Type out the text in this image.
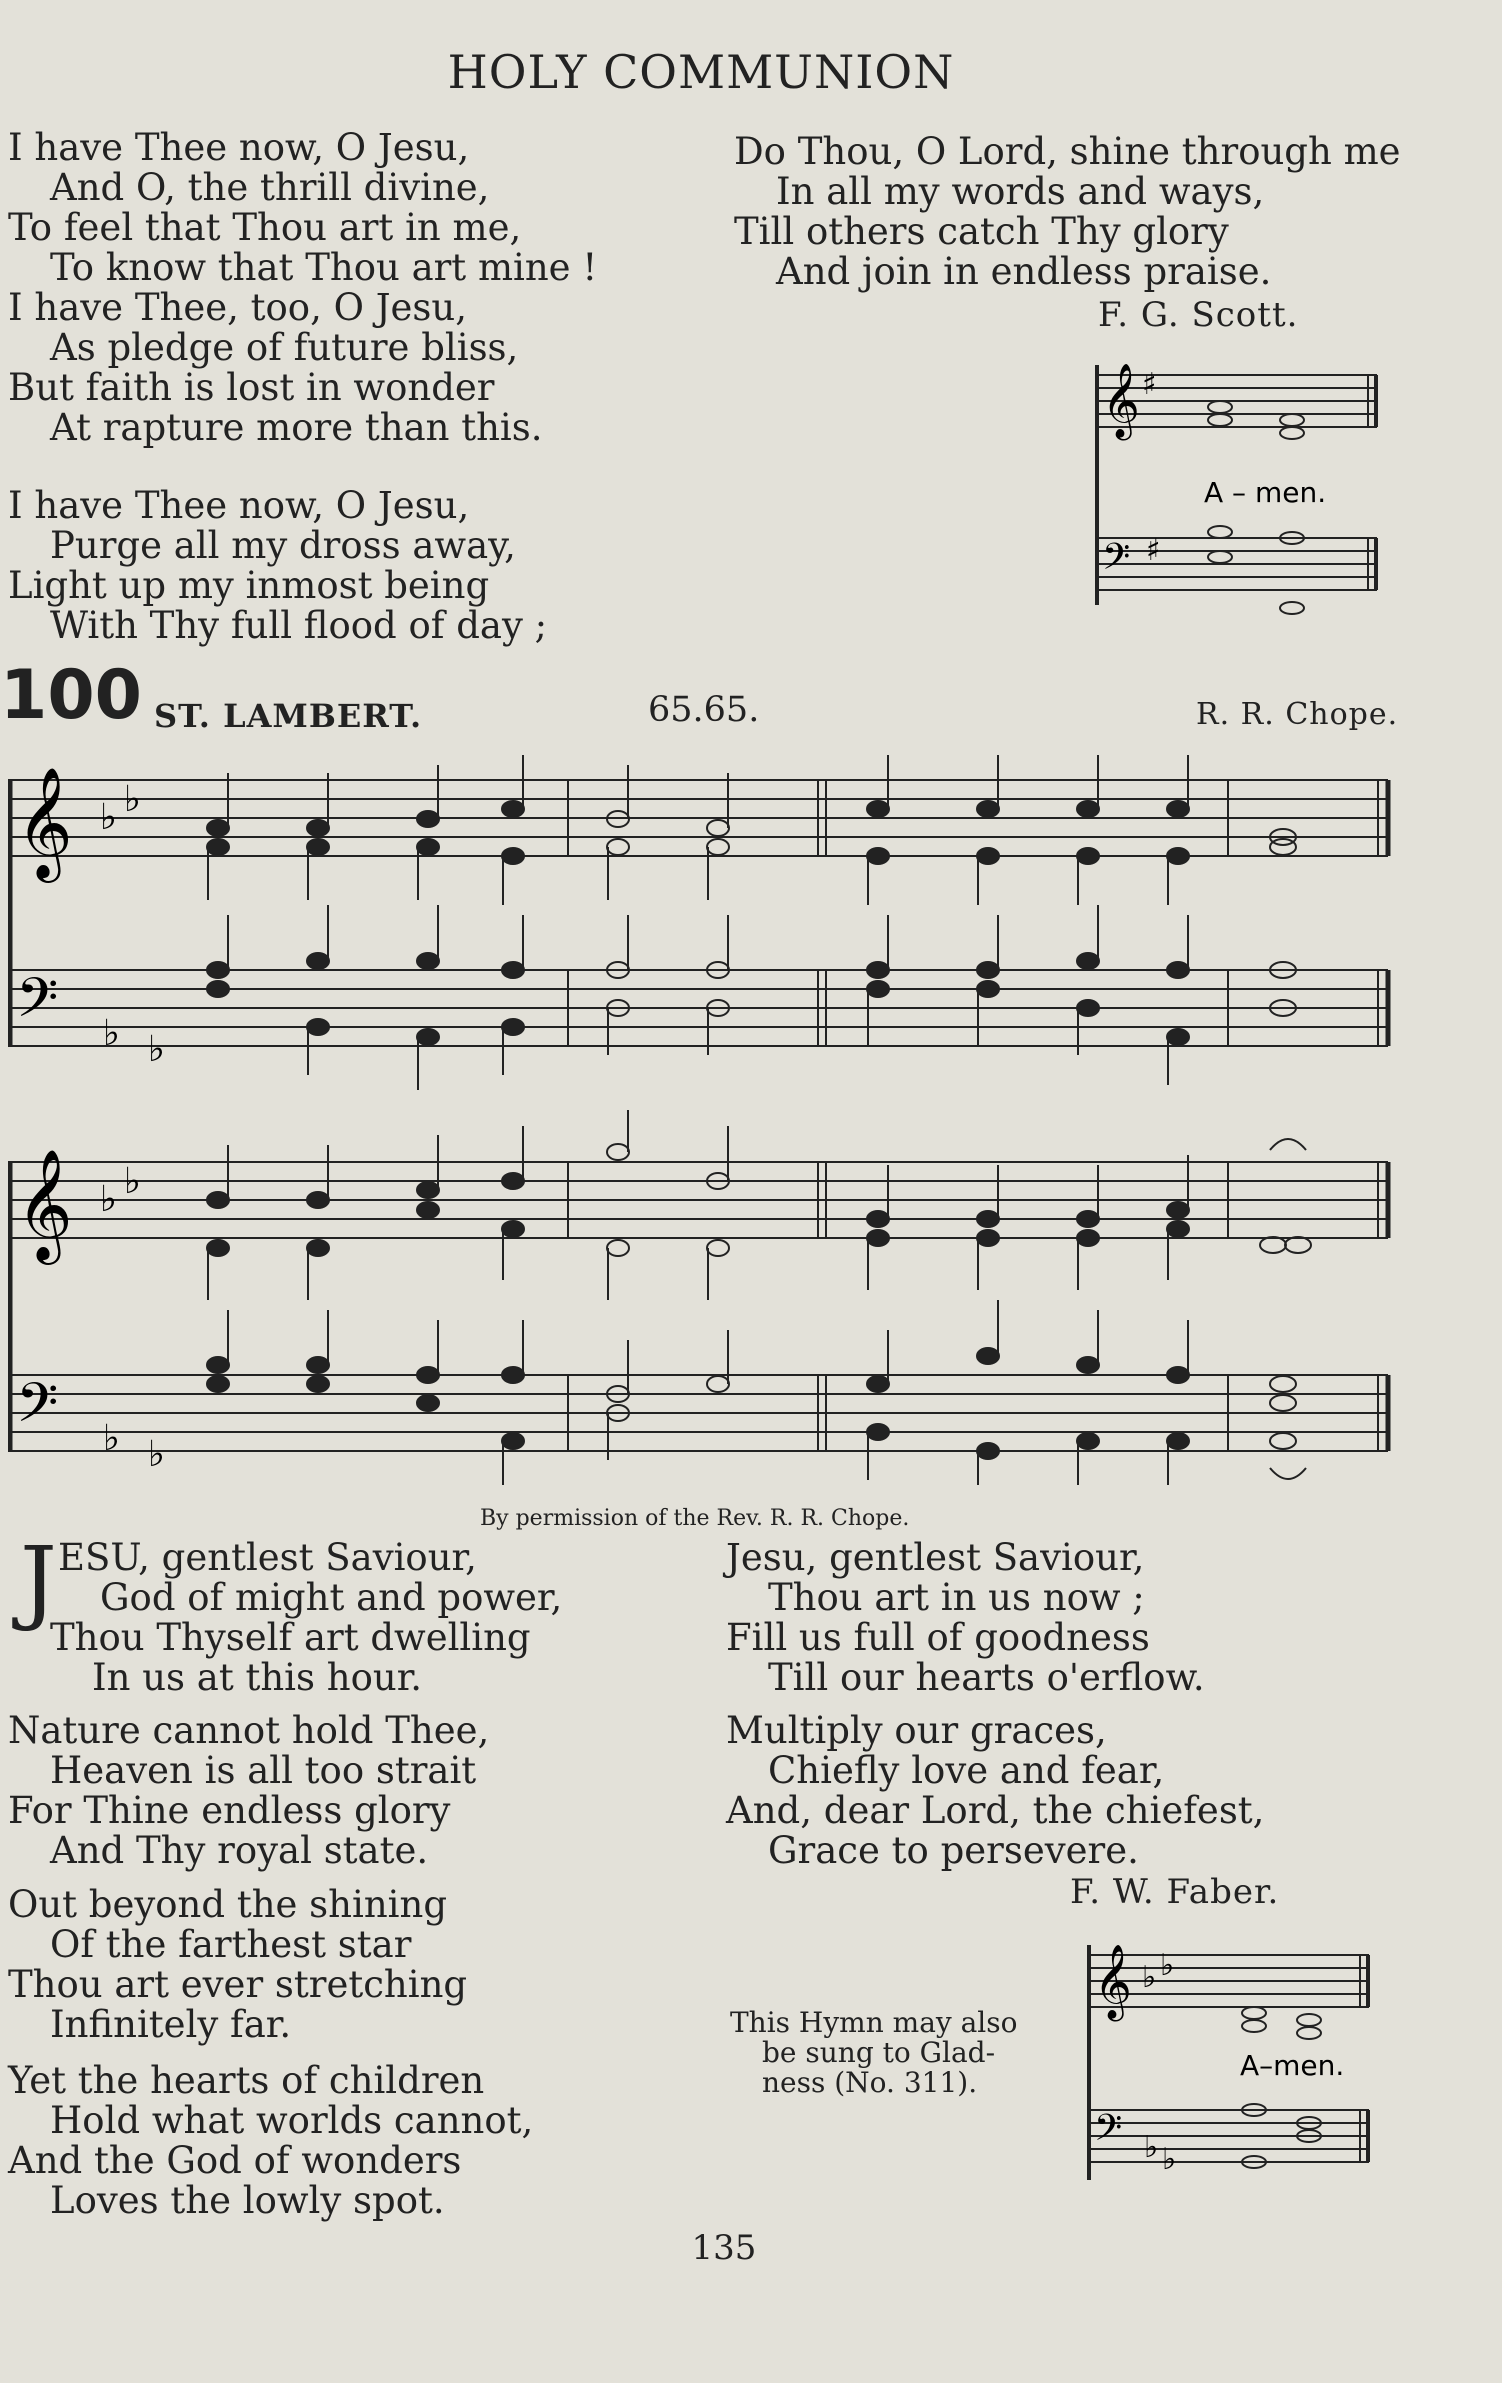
HOLY COMMUNION
I have Thee now, O Jesu,
And O, the thrill divine,
To feel that Thou art in me,
To know that Thou art mine !
I have Thee, too, O Jesu,
As pledge of future bliss,
But faith is lost in wonder
At rapture more than this.
I have Thee now, O Jesu,
Purge all my dross away,
Light up my inmost being
With Thy full flood of day ;
Do Thou, O Lord, shine through me
In all my words and ways,
Till others catch Thy glory
And join in endless praise.
F. G. Scott.
𝄞 ♯
𝄢 ♯
A – men.
100 ST. LAMBERT.	65.65.	R. R. Chope.
𝄞 ♭ ♭
𝄢 ♭ ♭
𝄞 ♭ ♭
𝄢 ♭ ♭
By permission of the Rev. R. R. Chope.
J ESU, gentlest Saviour,
God of might and power,
Thou Thyself art dwelling
In us at this hour.
Nature cannot hold Thee,
Heaven is all too strait
For Thine endless glory
And Thy royal state.
Out beyond the shining
Of the farthest star
Thou art ever stretching
Infinitely far.
Yet the hearts of children
Hold what worlds cannot,
And the God of wonders
Loves the lowly spot.
Jesu, gentlest Saviour,
Thou art in us now ;
Fill us full of goodness
Till our hearts o'erflow.
Multiply our graces,
Chiefly love and fear,
And, dear Lord, the chiefest,
Grace to persevere.
F. W. Faber.
This Hymn may also
be sung to Glad-
ness (No. 311).
𝄞 ♭ ♭
𝄢 ♭ ♭
A–men.
135
